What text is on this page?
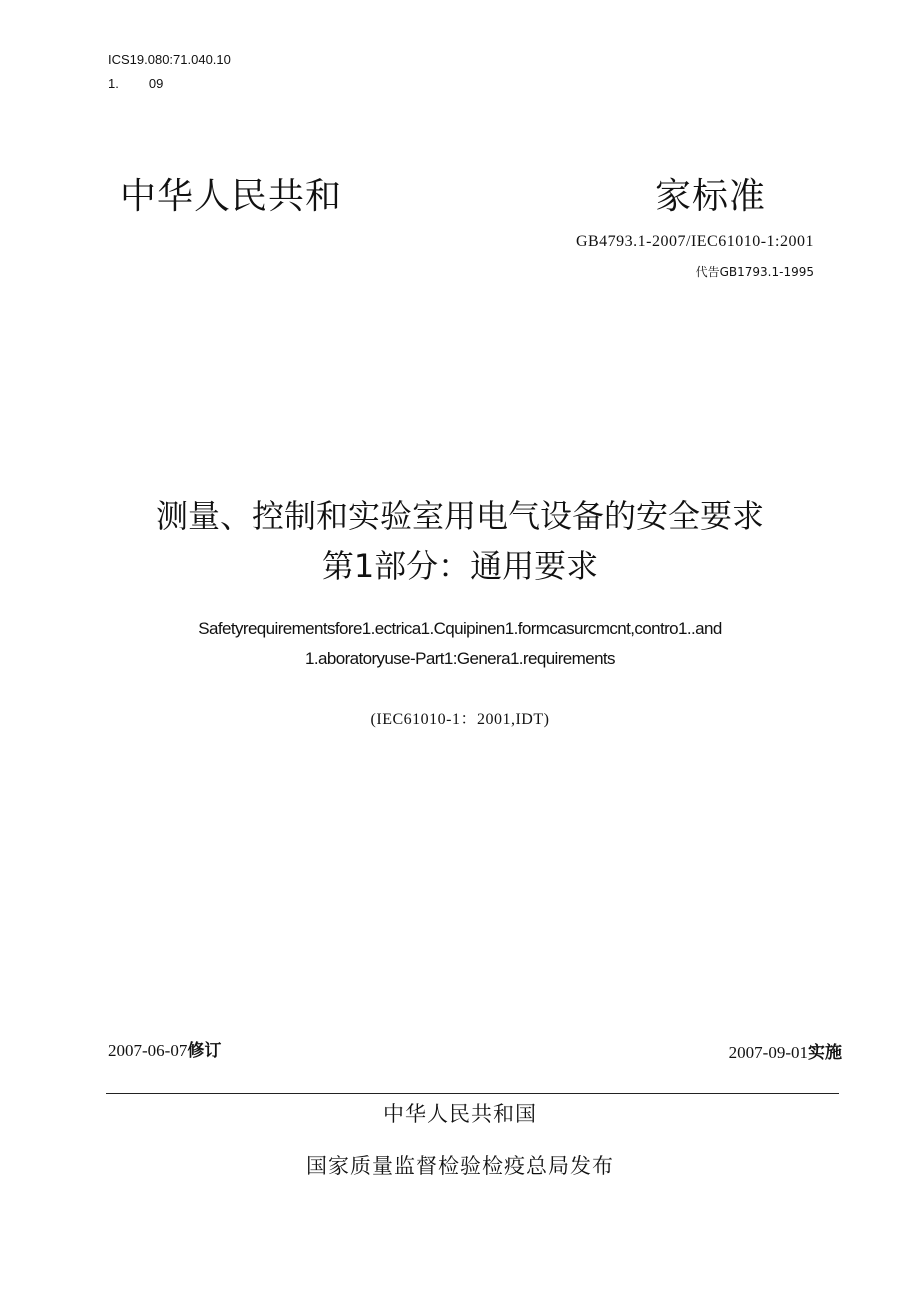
ICS19.080:71.040.10
1. 09
中华人民共和	家标准
GB4793.1-2007/IEC61010-1:2001
代告GB1793.1-1995
测量、控制和实验室用电气设备的安全要求
第1部分：通用要求
Safetyrequirementsfore1.ectrica1.Cquipinen1.formcasurcmcnt,contro1..and
1.aboratoryuse-Part1:Genera1.requirements
(IEC61010-1：2001,IDT)
2007-06-07修订	2007-09-01实施
中华人民共和国
国家质量监督检验检疫总局发布
